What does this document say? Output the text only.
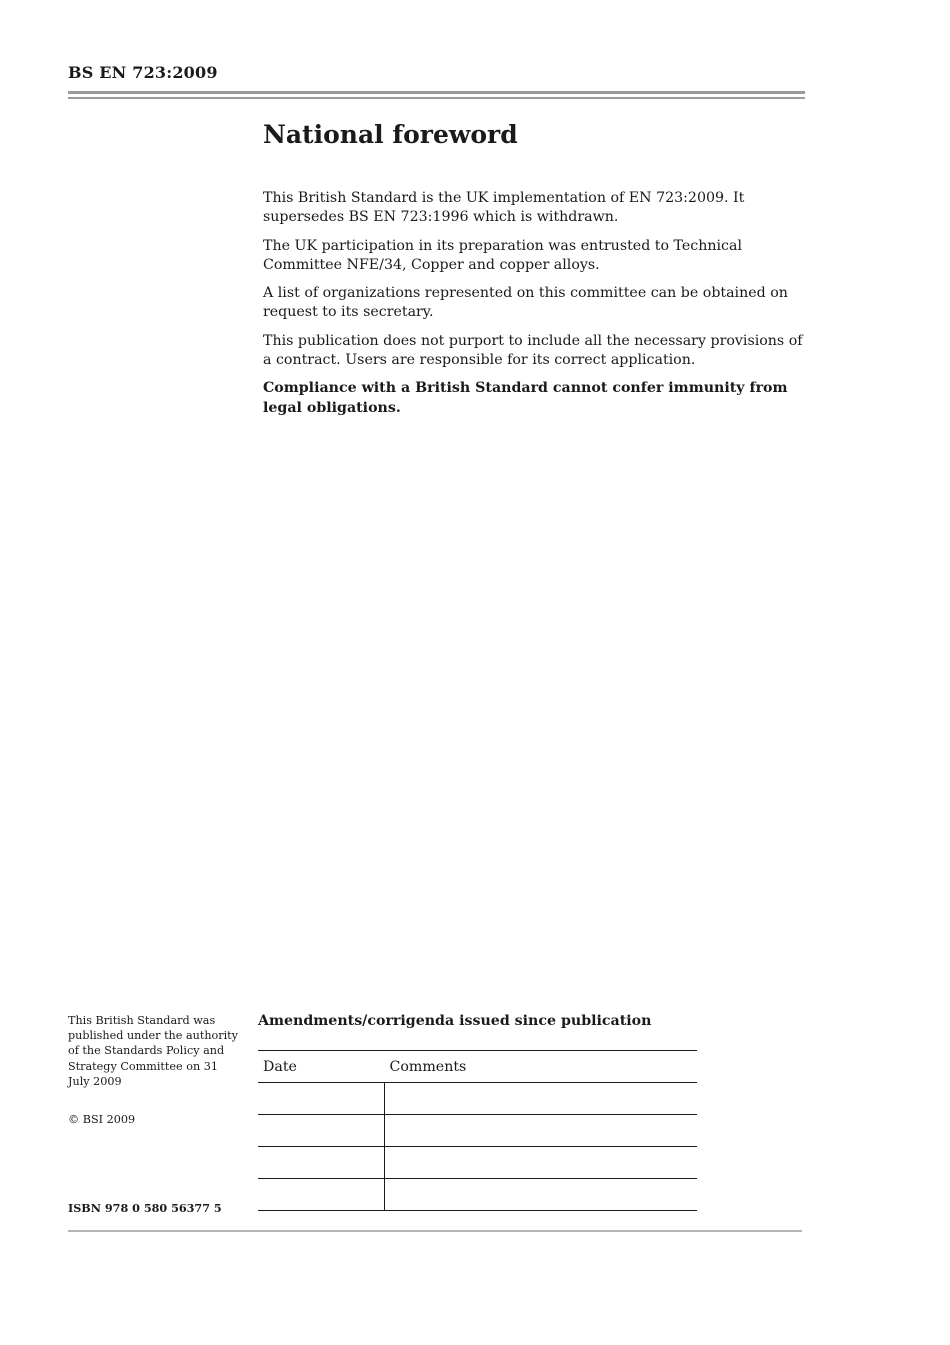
BS EN 723:2009
National foreword

This British Standard is the UK implementation of EN 723:2009. It supersedes BS EN 723:1996 which is withdrawn.

The UK participation in its preparation was entrusted to Technical Committee NFE/34, Copper and copper alloys.

A list of organizations represented on this committee can be obtained on request to its secretary.

This publication does not purport to include all the necessary provisions of a contract. Users are responsible for its correct application.

Compliance with a British Standard cannot confer immunity from legal obligations.

This British Standard was published under the authority of the Standards Policy and Strategy Committee on 31 July 2009
© BSI 2009
ISBN 978 0 580 56377 5
Amendments/corrigenda issued since publication
Date	Comments
